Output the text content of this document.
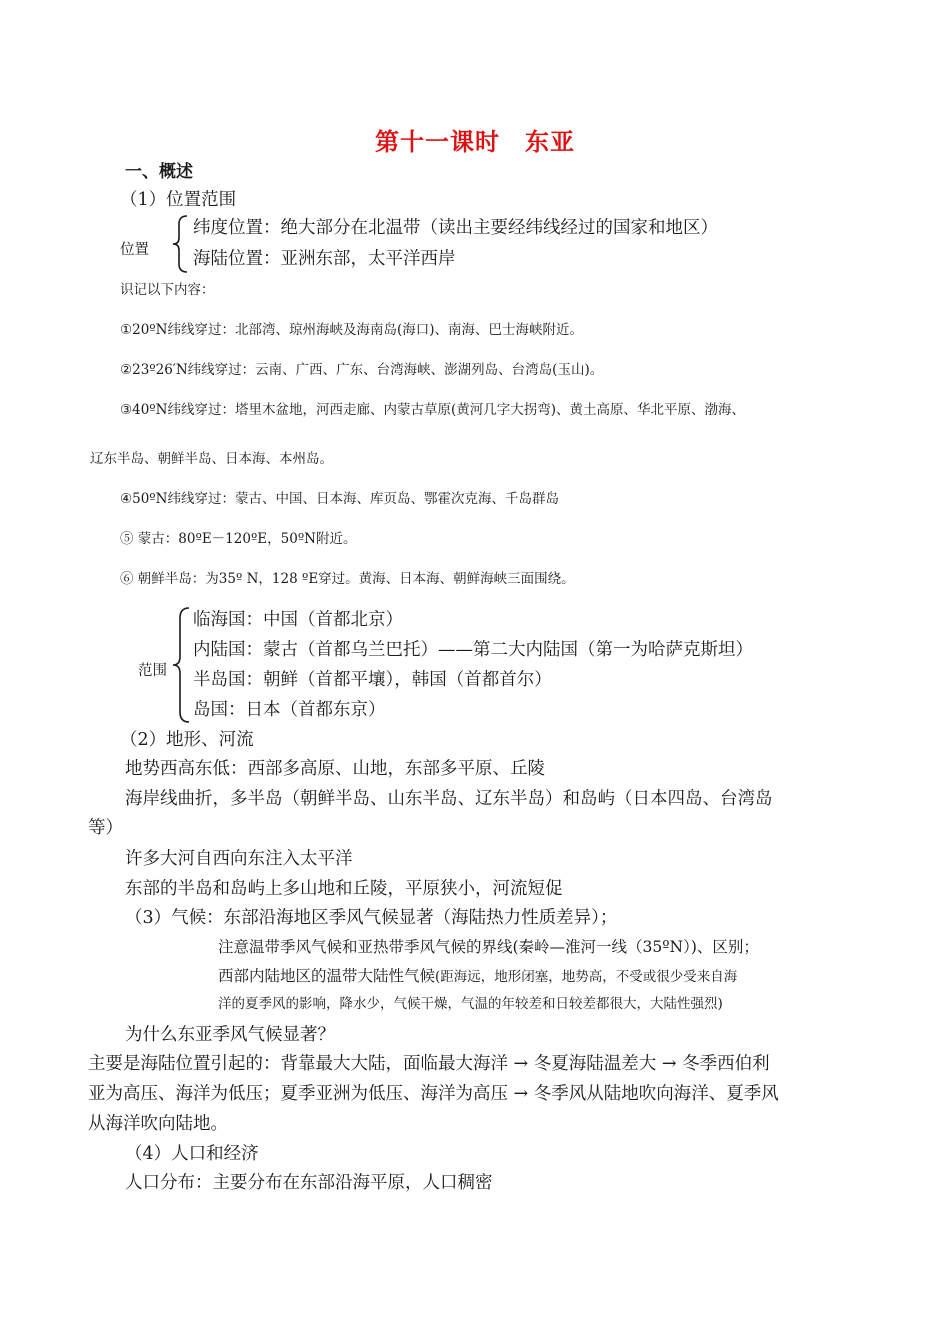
第十一课时　东亚
一、概述
（1）位置范围
位置
纬度位置：绝大部分在北温带（读出主要经纬线经过的国家和地区）
海陆位置：亚洲东部，太平洋西岸
识记以下内容：
①20ºN纬线穿过：北部湾、琼州海峡及海南岛(海口)、南海、巴士海峡附近。
②23º26′N纬线穿过：云南、广西、广东、台湾海峡、澎湖列岛、台湾岛(玉山)。
③40ºN纬线穿过：塔里木盆地，河西走廊、内蒙古草原(黄河几字大拐弯)、黄土高原、华北平原、渤海、
辽东半岛、朝鲜半岛、日本海、本州岛。
④50ºN纬线穿过：蒙古、中国、日本海、库页岛、鄂霍次克海、千岛群岛
⑤ 蒙古：80ºE－120ºE，50ºN附近。
⑥ 朝鲜半岛：为35º N，128 ºE穿过。黄海、日本海、朝鲜海峡三面围绕。
范围
临海国：中国（首都北京）
内陆国：蒙古（首都乌兰巴托）——第二大内陆国（第一为哈萨克斯坦）
半岛国：朝鲜（首都平壤），韩国（首都首尔）
岛国：日本（首都东京）
（2）地形、河流
地势西高东低：西部多高原、山地，东部多平原、丘陵
海岸线曲折，多半岛（朝鲜半岛、山东半岛、辽东半岛）和岛屿（日本四岛、台湾岛
等）
许多大河自西向东注入太平洋
东部的半岛和岛屿上多山地和丘陵，平原狭小，河流短促
（3）气候：东部沿海地区季风气候显著（海陆热力性质差异）；
注意温带季风气候和亚热带季风气候的界线(秦岭—淮河一线（35ºN）)、区别；
西部内陆地区的温带大陆性气候(距海远，地形闭塞，地势高，不受或很少受来自海
洋的夏季风的影响，降水少，气候干燥，气温的年较差和日较差都很大，大陆性强烈)
为什么东亚季风气候显著？
主要是海陆位置引起的：背靠最大大陆，面临最大海洋 → 冬夏海陆温差大 → 冬季西伯利
亚为高压、海洋为低压；夏季亚洲为低压、海洋为高压 → 冬季风从陆地吹向海洋、夏季风
从海洋吹向陆地。
（4）人口和经济
人口分布：主要分布在东部沿海平原，人口稠密
